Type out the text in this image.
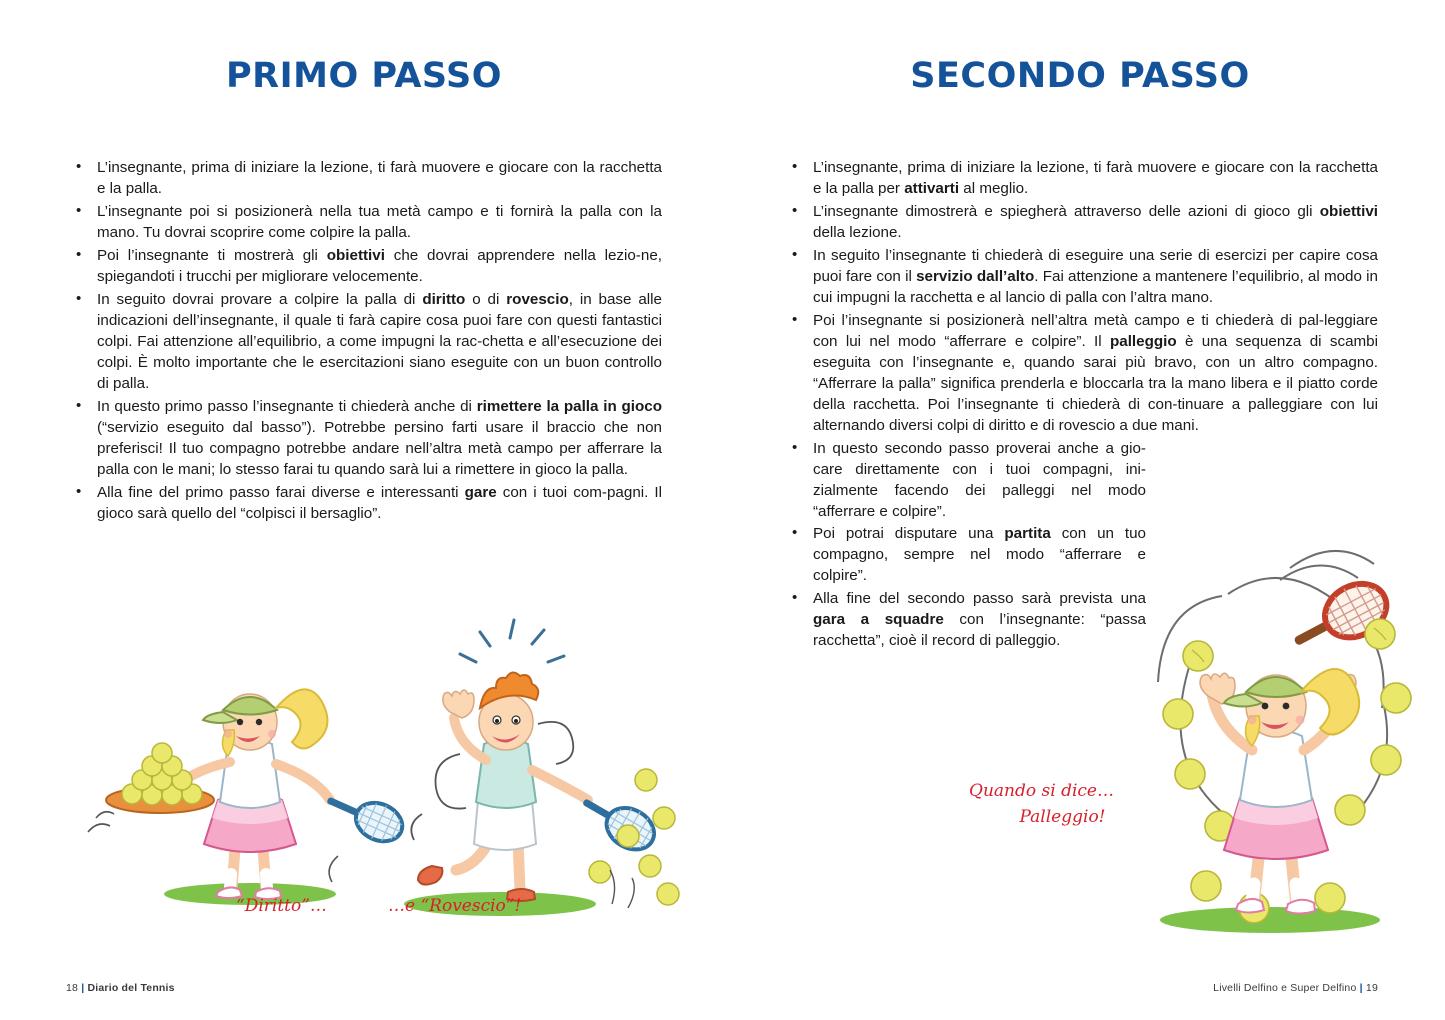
PRIMO PASSO
• L’insegnante, prima di iniziare la lezione, ti farà muovere e giocare con la racchetta e la palla.
• L’insegnante poi si posizionerà nella tua metà campo e ti fornirà la palla con la mano. Tu dovrai scoprire come colpire la palla.
• Poi l’insegnante ti mostrerà gli obiettivi che dovrai apprendere nella lezio-ne, spiegandoti i trucchi per migliorare velocemente.
• In seguito dovrai provare a colpire la palla di diritto o di rovescio, in base alle indicazioni dell’insegnante, il quale ti farà capire cosa puoi fare con questi fantastici colpi. Fai attenzione all’equilibrio, a come impugni la rac-chetta e all’esecuzione dei colpi. È molto importante che le esercitazioni siano eseguite con un buon controllo di palla.
• In questo primo passo l’insegnante ti chiederà anche di rimettere la palla in gioco (“servizio eseguito dal basso”). Potrebbe persino farti usare il braccio che non preferisci! Il tuo compagno potrebbe andare nell’altra metà campo per afferrare la palla con le mani; lo stesso farai tu quando sarà lui a rimettere in gioco la palla.
• Alla fine del primo passo farai diverse e interessanti gare con i tuoi com-pagni. Il gioco sarà quello del “colpisci il bersaglio”.
“Diritto”…	…e “Rovescio”!
18 | Diario del Tennis
SECONDO PASSO
• L’insegnante, prima di iniziare la lezione, ti farà muovere e giocare con la racchetta e la palla per attivarti al meglio.
• L’insegnante dimostrerà e spiegherà attraverso delle azioni di gioco gli obiettivi della lezione.
• In seguito l’insegnante ti chiederà di eseguire una serie di esercizi per capire cosa puoi fare con il servizio dall’alto. Fai attenzione a mantenere l’equilibrio, al modo in cui impugni la racchetta e al lancio di palla con l’altra mano.
• Poi l’insegnante si posizionerà nell’altra metà campo e ti chiederà di pal-leggiare con lui nel modo “afferrare e colpire”. Il palleggio è una sequenza di scambi eseguita con l’insegnante e, quando sarai più bravo, con un altro compagno. “Afferrare la palla” significa prenderla e bloccarla tra la mano libera e il piatto corde della racchetta. Poi l’insegnante ti chiederà di con-tinuare a palleggiare con lui alternando diversi colpi di diritto e di rovescio a due mani.
• In questo secondo passo proverai anche a gio-care direttamente con i tuoi compagni, ini-zialmente facendo dei palleggi nel modo “afferrare e colpire”.
• Poi potrai disputare una partita con un tuo compagno, sempre nel modo “afferrare e colpire”.
• Alla fine del secondo passo sarà prevista una gara a squadre con l’insegnante: “passa racchetta”, cioè il record di palleggio.
Quando si dice…
Palleggio!
Livelli Delfino e Super Delfino | 19
